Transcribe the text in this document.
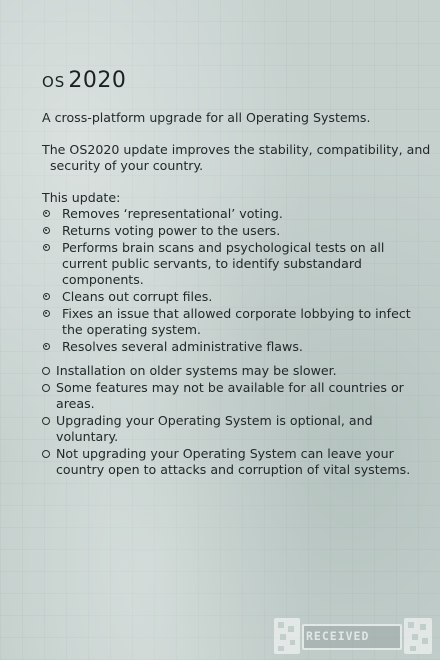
OS 2020

A cross-platform upgrade for all Operating Systems.

The OS2020 update improves the stability, compatibility, and
security of your country.

This update:

Removes ‘representational’ voting.
Returns voting power to the users.
Performs brain scans and psychological tests on all current public servants, to identify substandard components.
Cleans out corrupt files.
Fixes an issue that allowed corporate lobbying to infect the operating system.
Resolves several administrative flaws.
Installation on older systems may be slower.
Some features may not be available for all countries or areas.
Upgrading your Operating System is optional, and voluntary.
Not upgrading your Operating System can leave your country open to attacks and corruption of vital systems.
RECEIVED
